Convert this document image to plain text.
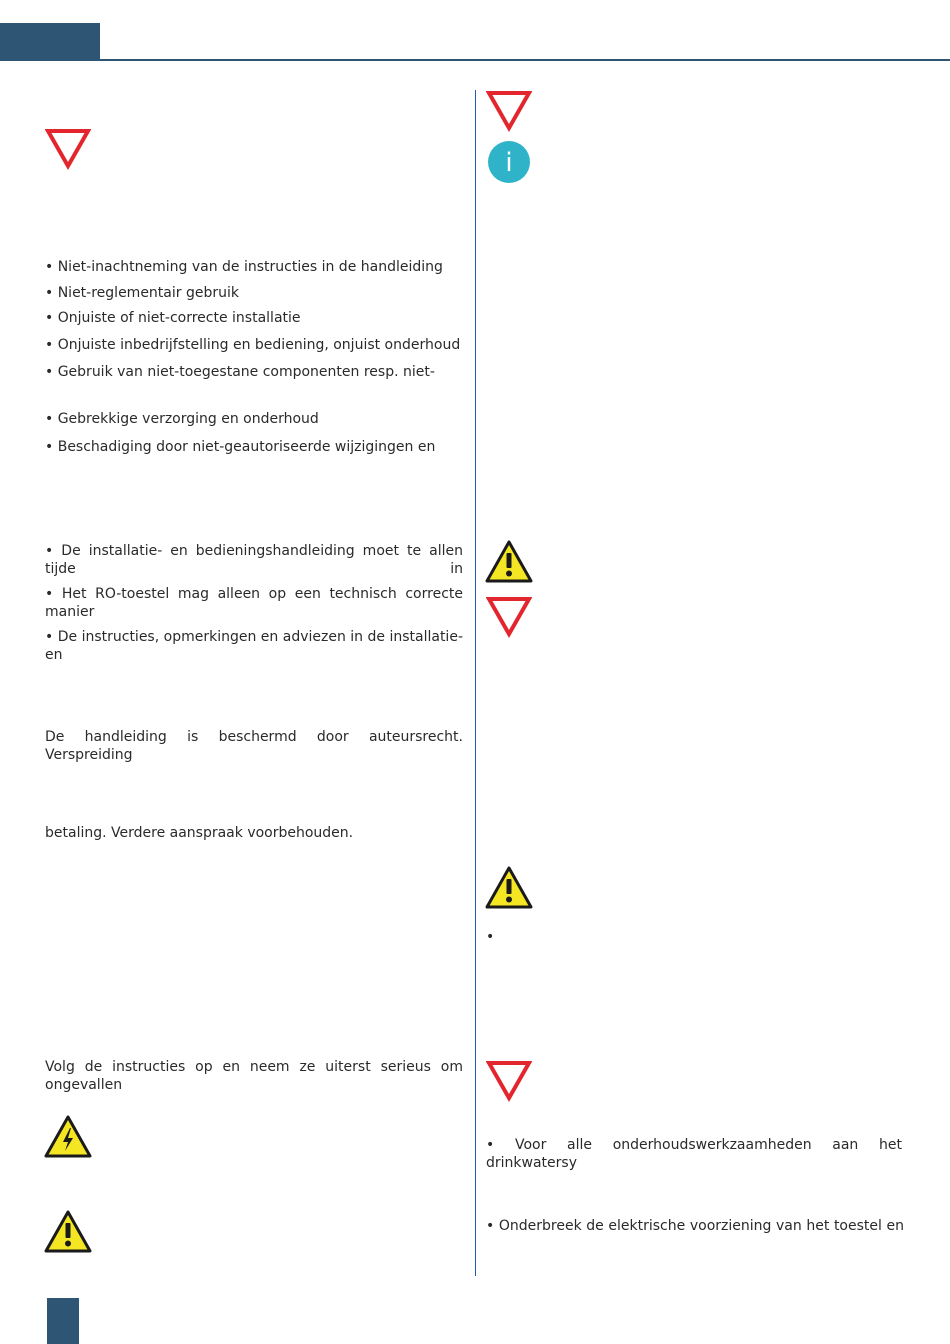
• Niet-inachtneming van de instructies in de handleiding
• Niet-reglementair gebruik
• Onjuiste of niet-correcte installatie
• Onjuiste inbedrijfstelling en bediening, onjuist onderhoud
• Gebruik van niet-toegestane componenten resp. niet-
• Gebrekkige verzorging en onderhoud
• Beschadiging door niet-geautoriseerde wijzigingen en
• De installatie- en bedieningshandleiding moet te allen tijde in
• Het RO-toestel mag alleen op een technisch correcte manier
• De instructies, opmerkingen en adviezen in de installatie- en
De handleiding is beschermd door auteursrecht. Verspreiding
betaling. Verdere aanspraak voorbehouden.
Volg de instructies op en neem ze uiterst serieus om ongevallen
i
•
• Voor alle onderhoudswerkzaamheden aan het drinkwatersy
• Onderbreek de elektrische voorziening van het toestel en
